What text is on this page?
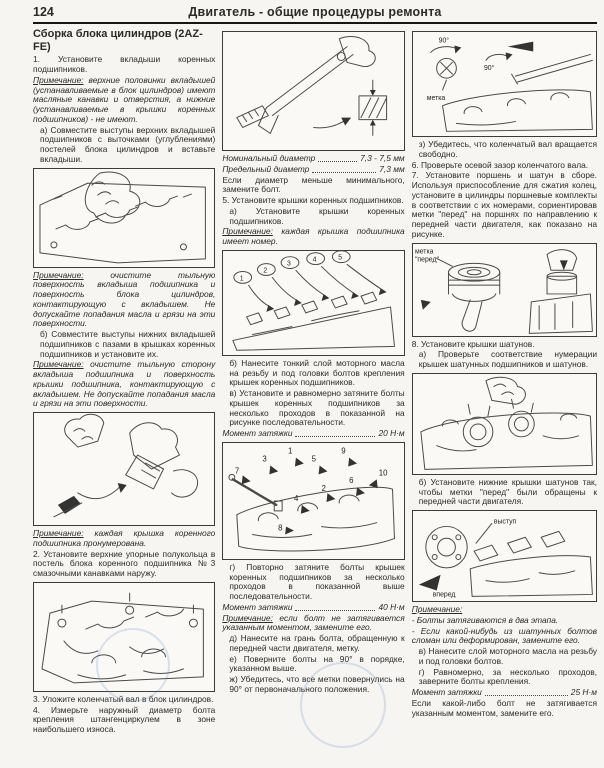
124	Двигатель - общие процедуры ремонта
Сборка блока цилиндров (2AZ-FE)

1. Установите вкладыши коренных подшипников.

Примечание: верхние половинки вкладышей (устанавливаемые в блок цилиндров) имеют масляные канавки и отверстия, а нижние (устанавливаемые в крышки коренных подшипников) - не имеют.

а) Совместите выступы верхних вкладышей подшипников с выточками (углублениями) постелей блока цилиндров и вставьте вкладыши.

Примечание: очистите тыльную поверхность вкладыша подшипника и поверхность блока цилиндров, контактирующую с вкладышем. Не допускайте попадания масла и грязи на эти поверхности.

б) Совместите выступы нижних вкладышей подшипников с пазами в крышках коренных подшипников и установите их.

Примечание: очистите тыльную сторону вкладыша подшипника и поверхность крышки подшипника, контактирующую с вкладышем. Не допускайте попадания масла и грязи на эти поверхности.

Примечание: каждая крышка коренного подшипника пронумерована.

2. Установите верхние упорные полукольца в постель блока коренного подшипника №3 смазочными канавками наружу.

3. Уложите коленчатый вал в блок цилиндров.

4. Измерьте наружный диаметр болта крепления штангенциркулем в зоне наибольшего износа.

Номинальный диаметр	7,3 - 7,5 мм
Предельный диаметр	7,3 мм

Если диаметр меньше минимального, замените болт.

5. Установите крышки коренных подшипников.

а) Установите крышки коренных подшипников.

Примечание: каждая крышка подшипника имеет номер.

1
2
3
4	5

б) Нанесите тонкий слой моторного масла на резьбу и под головки болтов крепления крышек коренных подшипников.

в) Установите и равномерно затяните болты крышек коренных подшипников за несколько проходов в показанной на рисунке последовательности.

Момент затяжки	20 Н·м
7
3
1
5
9
10
2
6
4
8

г) Повторно затяните болты крышек коренных подшипников за несколько проходов в показанной выше последовательности.

Момент затяжки	40 Н·м

Примечание: если болт не затягивается указанным моментом, замените его.

д) Нанесите на грань болта, обращенную к передней части двигателя, метку.

е) Поверните болты на 90° в порядке, указанном выше.

ж) Убедитесь, что все метки повернулись на 90° от первоначального положения.

90°
метка
90°

з) Убедитесь, что коленчатый вал вращается свободно.

6. Проверьте осевой зазор коленчатого вала.

7. Установите поршень и шатун в сборе. Используя приспособление для сжатия колец, установите в цилиндры поршневые комплекты в соответствии с их номерами, сориентировав метки "перед" на поршнях по направлению к передней части двигателя, как показано на рисунке.

метка
"перед"

8. Установите крышки шатунов.

а) Проверьте соответствие нумерации крышек шатунных подшипников и шатунов.

б) Установите нижние крышки шатунов так, чтобы метки "перед" были обращены к передней части двигателя.

выступ
вперед

Примечание:

- Болты затягиваются в два этапа.

- Если какой-нибудь из шатунных болтов сломан или деформирован, замените его.

в) Нанесите слой моторного масла на резьбу и под головки болтов.

г) Равномерно, за несколько проходов, заверните болты крепления.

Момент затяжки	25 Н·м

Если какой-либо болт не затягивается указанным моментом, замените его.
